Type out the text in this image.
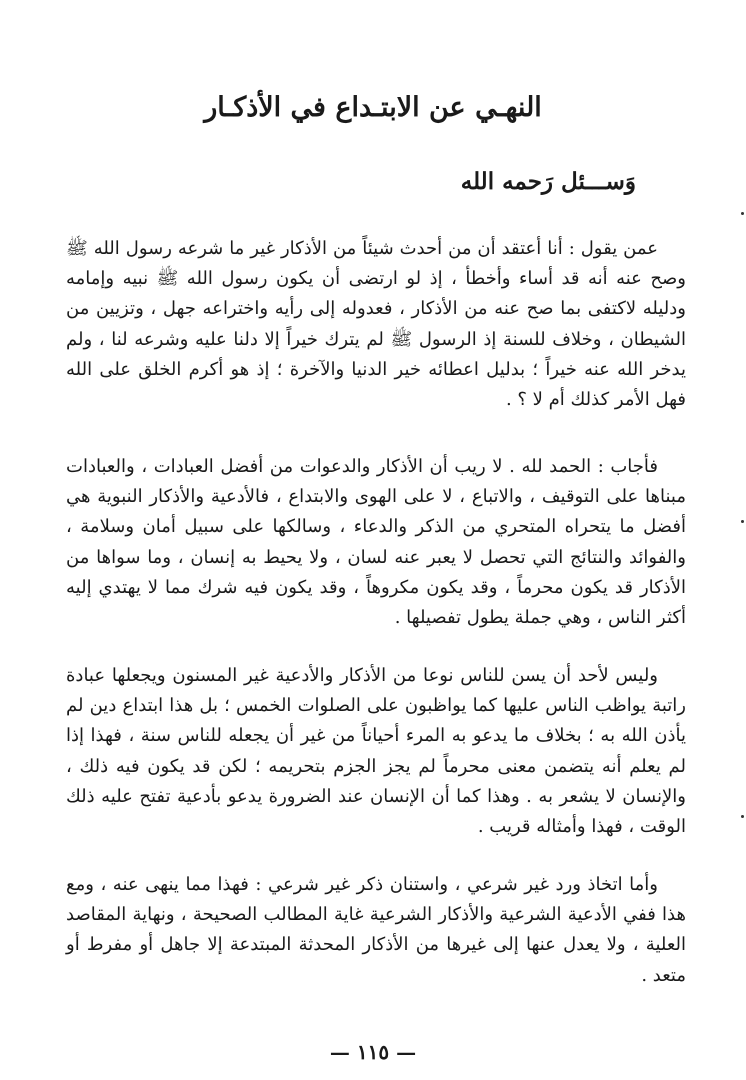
النهـي عن الابتـداع في الأذكـار
وَســـئل رَحمه الله

عمن يقول : أنا أعتقد أن من أحدث شيئاً من الأذكار غير ما شرعه رسول الله ﷺ وصح عنه أنه قد أساء وأخطأ ، إذ لو ارتضى أن يكون رسول الله ﷺ نبيه وإمامه ودليله لاكتفى بما صح عنه من الأذكار ، فعدوله إلى رأيه واختراعه جهل ، وتزيين من الشيطان ، وخلاف للسنة إذ الرسول ﷺ لم يترك خيراً إلا دلنا عليه وشرعه لنا ، ولم يدخر الله عنه خيراً ؛ بدليل اعطائه خير الدنيا والآخرة ؛ إذ هو أكرم الخلق على الله فهل الأمر كذلك أم لا ؟ .

فأجاب : الحمد لله . لا ريب أن الأذكار والدعوات من أفضل العبادات ، والعبادات مبناها على التوقيف ، والاتباع ، لا على الهوى والابتداع ، فالأدعية والأذكار النبوية هي أفضل ما يتحراه المتحري من الذكر والدعاء ، وسالكها على سبيل أمان وسلامة ، والفوائد والنتائج التي تحصل لا يعبر عنه لسان ، ولا يحيط به إنسان ، وما سواها من الأذكار قد يكون محرماً ، وقد يكون مكروهاً ، وقد يكون فيه شرك مما لا يهتدي إليه أكثر الناس ، وهي جملة يطول تفصيلها .

وليس لأحد أن يسن للناس نوعا من الأذكار والأدعية غير المسنون ويجعلها عبادة راتبة يواظب الناس عليها كما يواظبون على الصلوات الخمس ؛ بل هذا ابتداع دين لم يأذن الله به ؛ بخلاف ما يدعو به المرء أحياناً من غير أن يجعله للناس سنة ، فهذا إذا لم يعلم أنه يتضمن معنى محرماً لم يجز الجزم بتحريمه ؛ لكن قد يكون فيه ذلك ، والإنسان لا يشعر به . وهذا كما أن الإنسان عند الضرورة يدعو بأدعية تفتح عليه ذلك الوقت ، فهذا وأمثاله قريب .

وأما اتخاذ ورد غير شرعي ، واستنان ذكر غير شرعي : فهذا مما ينهى عنه ، ومع هذا ففي الأدعية الشرعية والأذكار الشرعية غاية المطالب الصحيحة ، ونهاية المقاصد العلية ، ولا يعدل عنها إلى غيرها من الأذكار المحدثة المبتدعة إلا جاهل أو مفرط أو متعد .

— ١١٥ —
